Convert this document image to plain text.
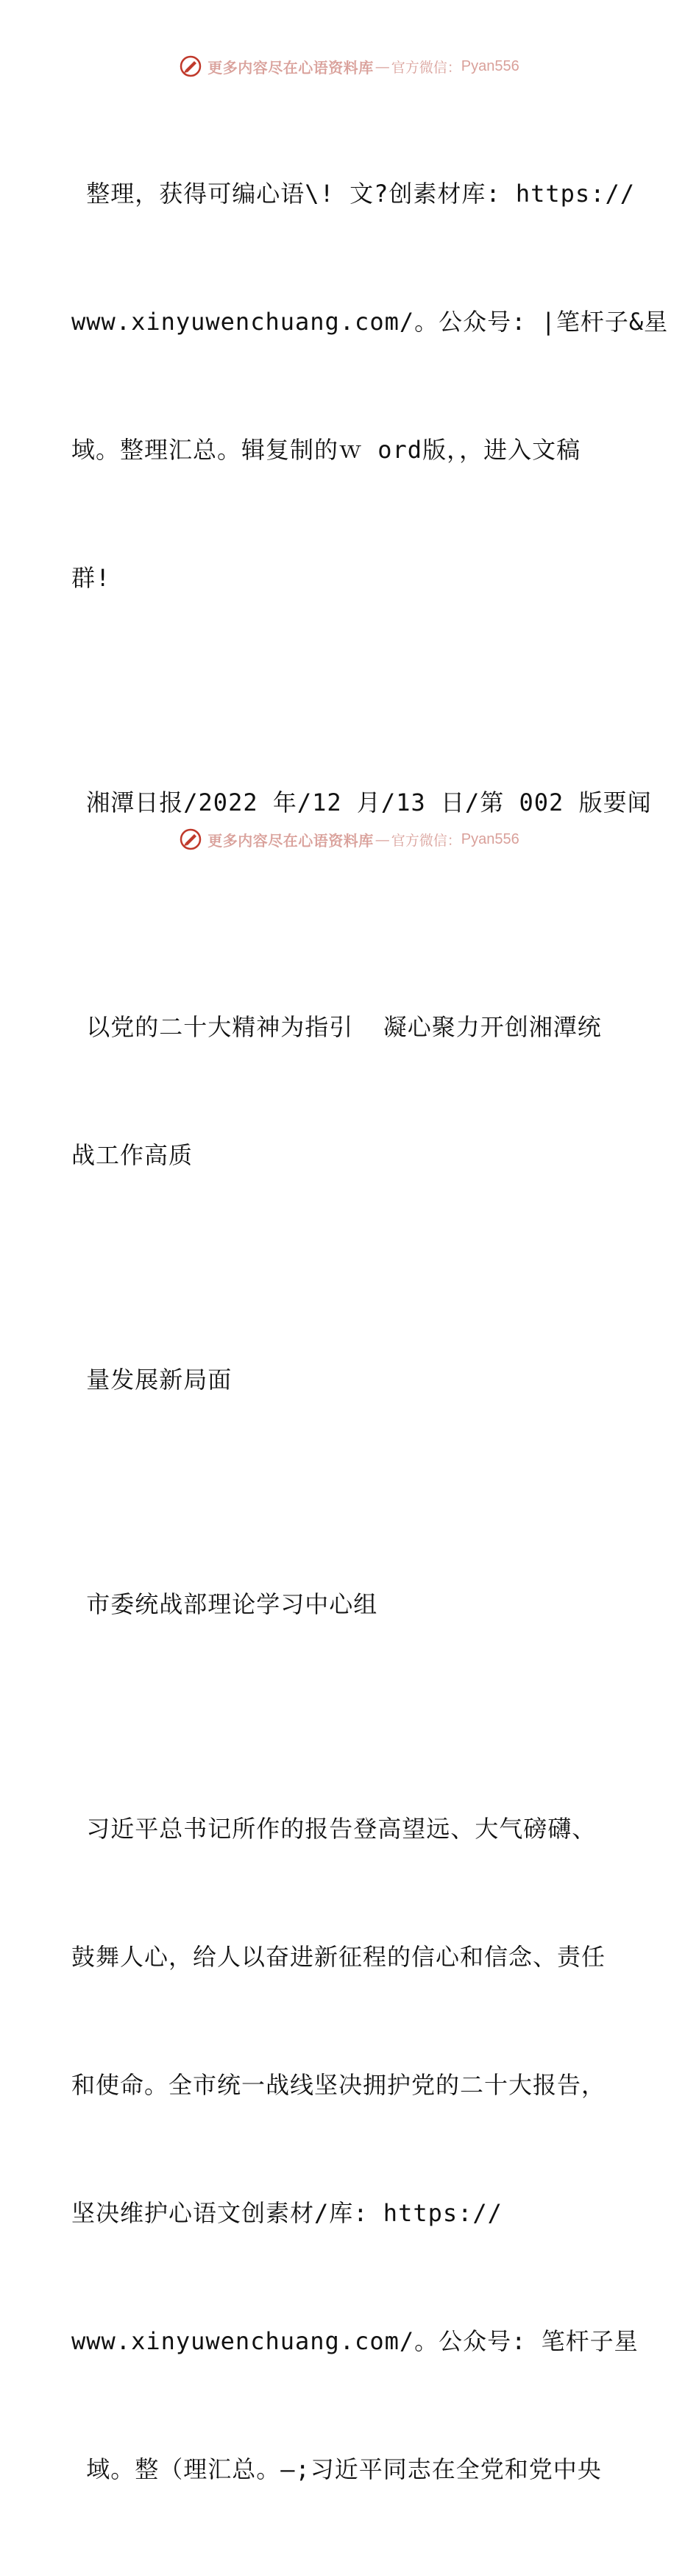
更多内容尽在心语资料库 — 官方微信： Pyan556

整理，获得可编心语\! 文?创素材库: https://

www.xinyuwenchuang.com/。公众号: |笔杆子&星

域。整理汇总。辑复制的ｗ ord版，，进入文稿

群!

湘潭日报/2022 年/12 月/13 日/第 002 版要闻

以党的二十大精神为指引  凝心聚力开创湘潭统

战工作高质

量发展新局面

市委统战部理论学习中心组

习近平总书记所作的报告登高望远、大气磅礴、

鼓舞人心，给人以奋进新征程的信心和信念、责任

和使命。全市统一战线坚决拥护党的二十大报告，

坚决维护心语文创素材/库: https://

www.xinyuwenchuang.com/。公众号: 笔杆子星

域。整（理汇总。—;习近平同志在全党和党中央

更多内容尽在心语资料库 — 官方微信： Pyan556
